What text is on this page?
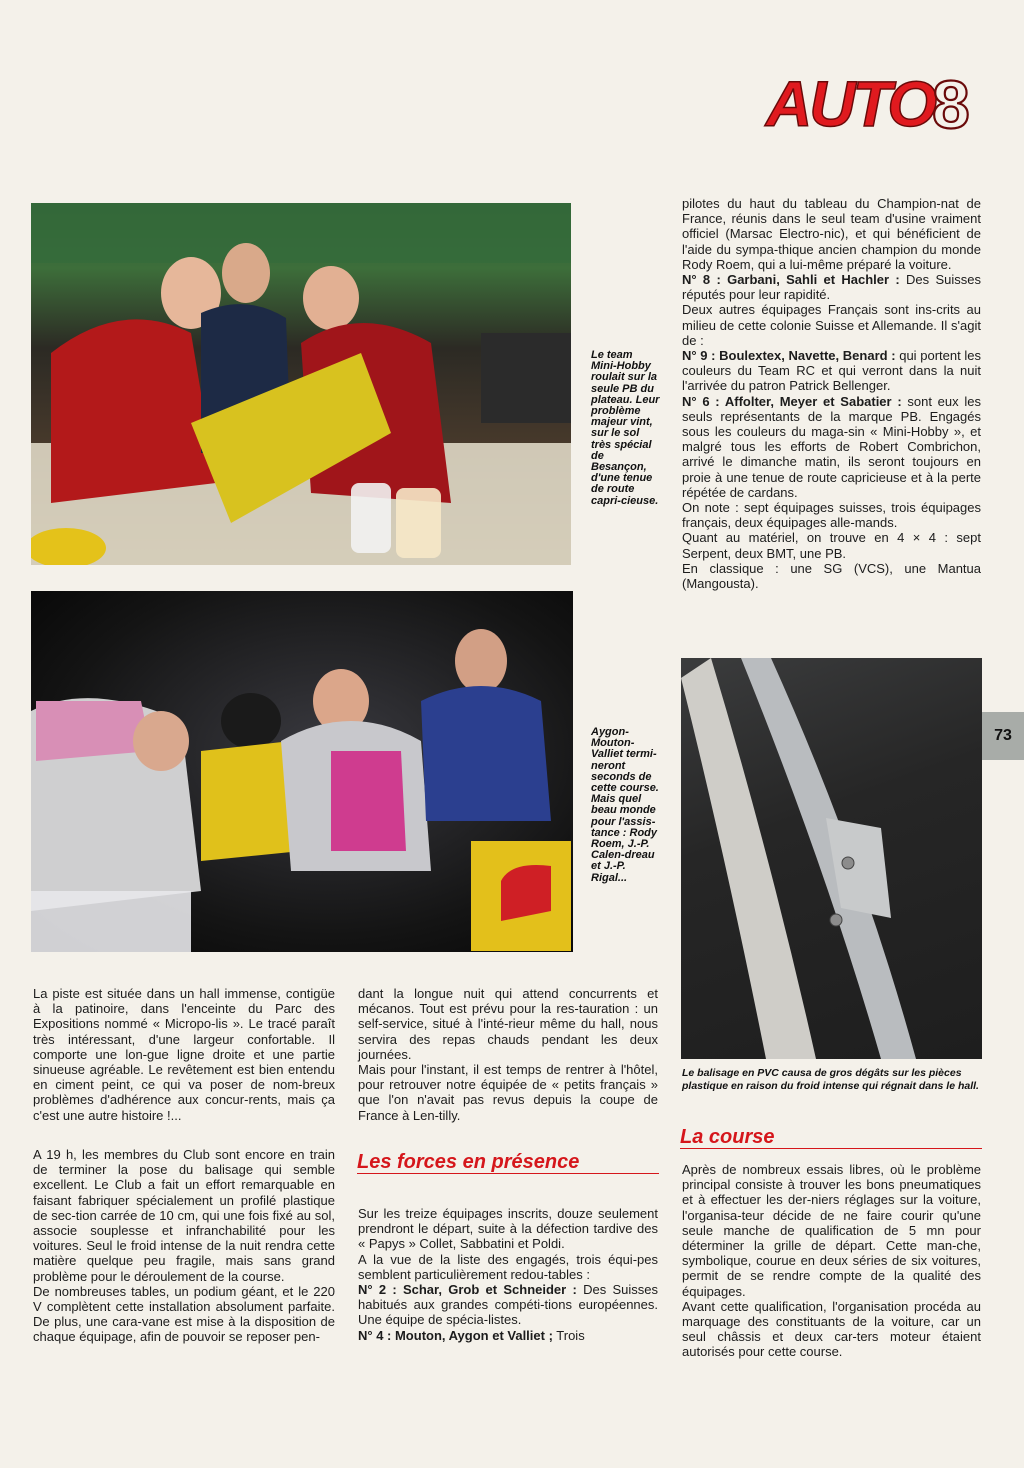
AUTO
8
Le team Mini-Hobby roulait sur la seule PB du plateau. Leur problème majeur vint, sur le sol très spécial de Besançon, d'une tenue de route capri-cieuse.
Aygon-Mouton-Valliet termi-neront seconds de cette course. Mais quel beau monde pour l'assis-tance : Rody Roem, J.-P. Calen-dreau et J.-P. Rigal...
Le balisage en PVC causa de gros dégâts sur les pièces plastique en raison du froid intense qui régnait dans le hall.

La piste est située dans un hall immense, contigüe à la patinoire, dans l'enceinte du Parc des Expositions nommé « Micropo-lis ». Le tracé paraît très intéressant, d'une largeur confortable. Il comporte une lon-gue ligne droite et une partie sinueuse agréable. Le revêtement est bien entendu en ciment peint, ce qui va poser de nom-breux problèmes d'adhérence aux concur-rents, mais ça c'est une autre histoire !...

A 19 h, les membres du Club sont encore en train de terminer la pose du balisage qui semble excellent. Le Club a fait un effort remarquable en faisant fabriquer spécialement un profilé plastique de sec-tion carrée de 10 cm, qui une fois fixé au sol, associe souplesse et infranchabilité pour les voitures. Seul le froid intense de la nuit rendra cette matière quelque peu fragile, mais sans grand problème pour le déroulement de la course.

De nombreuses tables, un podium géant, et le 220 V complètent cette installation absolument parfaite. De plus, une cara-vane est mise à la disposition de chaque équipage, afin de pouvoir se reposer pen-

dant la longue nuit qui attend concurrents et mécanos. Tout est prévu pour la res-tauration : un self-service, situé à l'inté-rieur même du hall, nous servira des repas chauds pendant les deux journées.

Mais pour l'instant, il est temps de rentrer à l'hôtel, pour retrouver notre équipée de « petits français » que l'on n'avait pas revus depuis la coupe de France à Len-tilly.

Les forces en présence

Sur les treize équipages inscrits, douze seulement prendront le départ, suite à la défection tardive des « Papys » Collet, Sabbatini et Poldi.

A la vue de la liste des engagés, trois équi-pes semblent particulièrement redou-tables :

N° 2 : Schar, Grob et Schneider : Des Suisses habitués aux grandes compéti-tions européennes. Une équipe de spécia-listes.

N° 4 : Mouton, Aygon et Valliet ; Trois

pilotes du haut du tableau du Champion-nat de France, réunis dans le seul team d'usine vraiment officiel (Marsac Electro-nic), et qui bénéficient de l'aide du sympa-thique ancien champion du monde Rody Roem, qui a lui-même préparé la voiture.

N° 8 : Garbani, Sahli et Hachler : Des Suisses réputés pour leur rapidité.

Deux autres équipages Français sont ins-crits au milieu de cette colonie Suisse et Allemande. Il s'agit de :

N° 9 : Boulextex, Navette, Benard : qui portent les couleurs du Team RC et qui verront dans la nuit l'arrivée du patron Patrick Bellenger.

N° 6 : Affolter, Meyer et Sabatier : sont eux les seuls représentants de la marque PB. Engagés sous les couleurs du maga-sin « Mini-Hobby », et malgré tous les efforts de Robert Combrichon, arrivé le dimanche matin, ils seront toujours en proie à une tenue de route capricieuse et à la perte répétée de cardans.

On note : sept équipages suisses, trois équipages français, deux équipages alle-mands.

Quant au matériel, on trouve en 4 × 4 : sept Serpent, deux BMT, une PB.

En classique : une SG (VCS), une Mantua (Mangousta).

La course

Après de nombreux essais libres, où le problème principal consiste à trouver les bons pneumatiques et à effectuer les der-niers réglages sur la voiture, l'organisa-teur décide de ne faire courir qu'une seule manche de qualification de 5 mn pour déterminer la grille de départ. Cette man-che, symbolique, courue en deux séries de six voitures, permit de se rendre compte de la qualité des équipages.

Avant cette qualification, l'organisation procéda au marquage des constituants de la voiture, car un seul châssis et deux car-ters moteur étaient autorisés pour cette course.

73
